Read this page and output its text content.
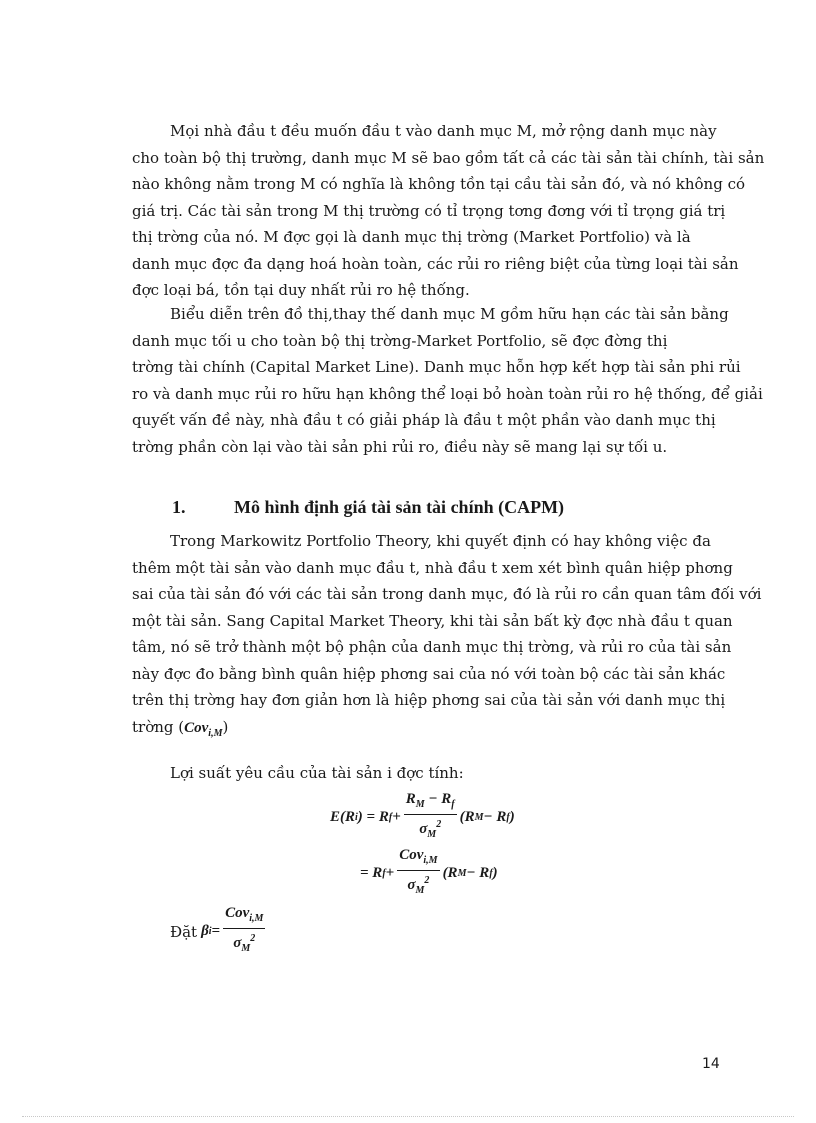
Mọi nhà đầu t đều muốn đầu t vào danh mục M, mở rộng danh mục này
cho toàn bộ thị trường, danh mục M sẽ bao gồm tất cả các tài sản tài chính, tài sản
nào không nằm trong M có nghĩa là không tồn tại cầu tài sản đó, và nó không có
giá trị. Các tài sản trong M thị trường có tỉ trọng tơng đơng với tỉ trọng giá trị
thị trờng của nó. M đợc gọi là danh mục thị trờng (Market Portfolio) và là
danh mục đợc đa dạng hoá hoàn toàn, các rủi ro riêng biệt của từng loại tài sản
đợc loại bá, tồn tại duy nhất rủi ro hệ thống.
Biểu diễn trên đồ thị,thay thế danh mục M gồm hữu hạn các tài sản bằng
danh mục tối u cho toàn bộ thị trờng-Market Portfolio, sẽ đợc đờng thị
trờng tài chính (Capital Market Line). Danh mục hỗn hợp kết hợp tài sản phi rủi
ro và danh mục rủi ro hữu hạn không thể loại bỏ hoàn toàn rủi ro hệ thống, để giải
quyết vấn đề này, nhà đầu t có giải pháp là đầu t một phần vào danh mục thị
trờng phần còn lại vào tài sản phi rủi ro, điều này sẽ mang lại sự tối u.
1.	Mô hình định giá tài sản tài chính (CAPM)
Trong Markowitz Portfolio Theory, khi quyết định có hay không việc đa
thêm một tài sản vào danh mục đầu t, nhà đầu t xem xét bình quân hiệp phơng
sai của tài sản đó với các tài sản trong danh mục, đó là rủi ro cần quan tâm đối với
một tài sản. Sang Capital Market Theory, khi tài sản bất kỳ đợc nhà đầu t quan
tâm, nó sẽ trở thành một bộ phận của danh mục thị trờng, và rủi ro của tài sản
này đợc đo bằng bình quân hiệp phơng sai của nó với toàn bộ các tài sản khác
trên thị trờng hay đơn giản hơn là hiệp phơng sai của tài sản với danh mục thị
trờng (Cov$_{i,M}$)
Lợi suất yêu cầu của tài sản i đợc tính:
E(R i ) = R $f + \frac{R_M - R_f}{\sigma_M^2} (R$ M − R f )
= R $f + \frac{Cov_{i,M}}{\sigma_M^2} (R$ M − R f )
Đặt β $i = \frac{Cov_{i,M}}{\sigma_M^2}$
14
